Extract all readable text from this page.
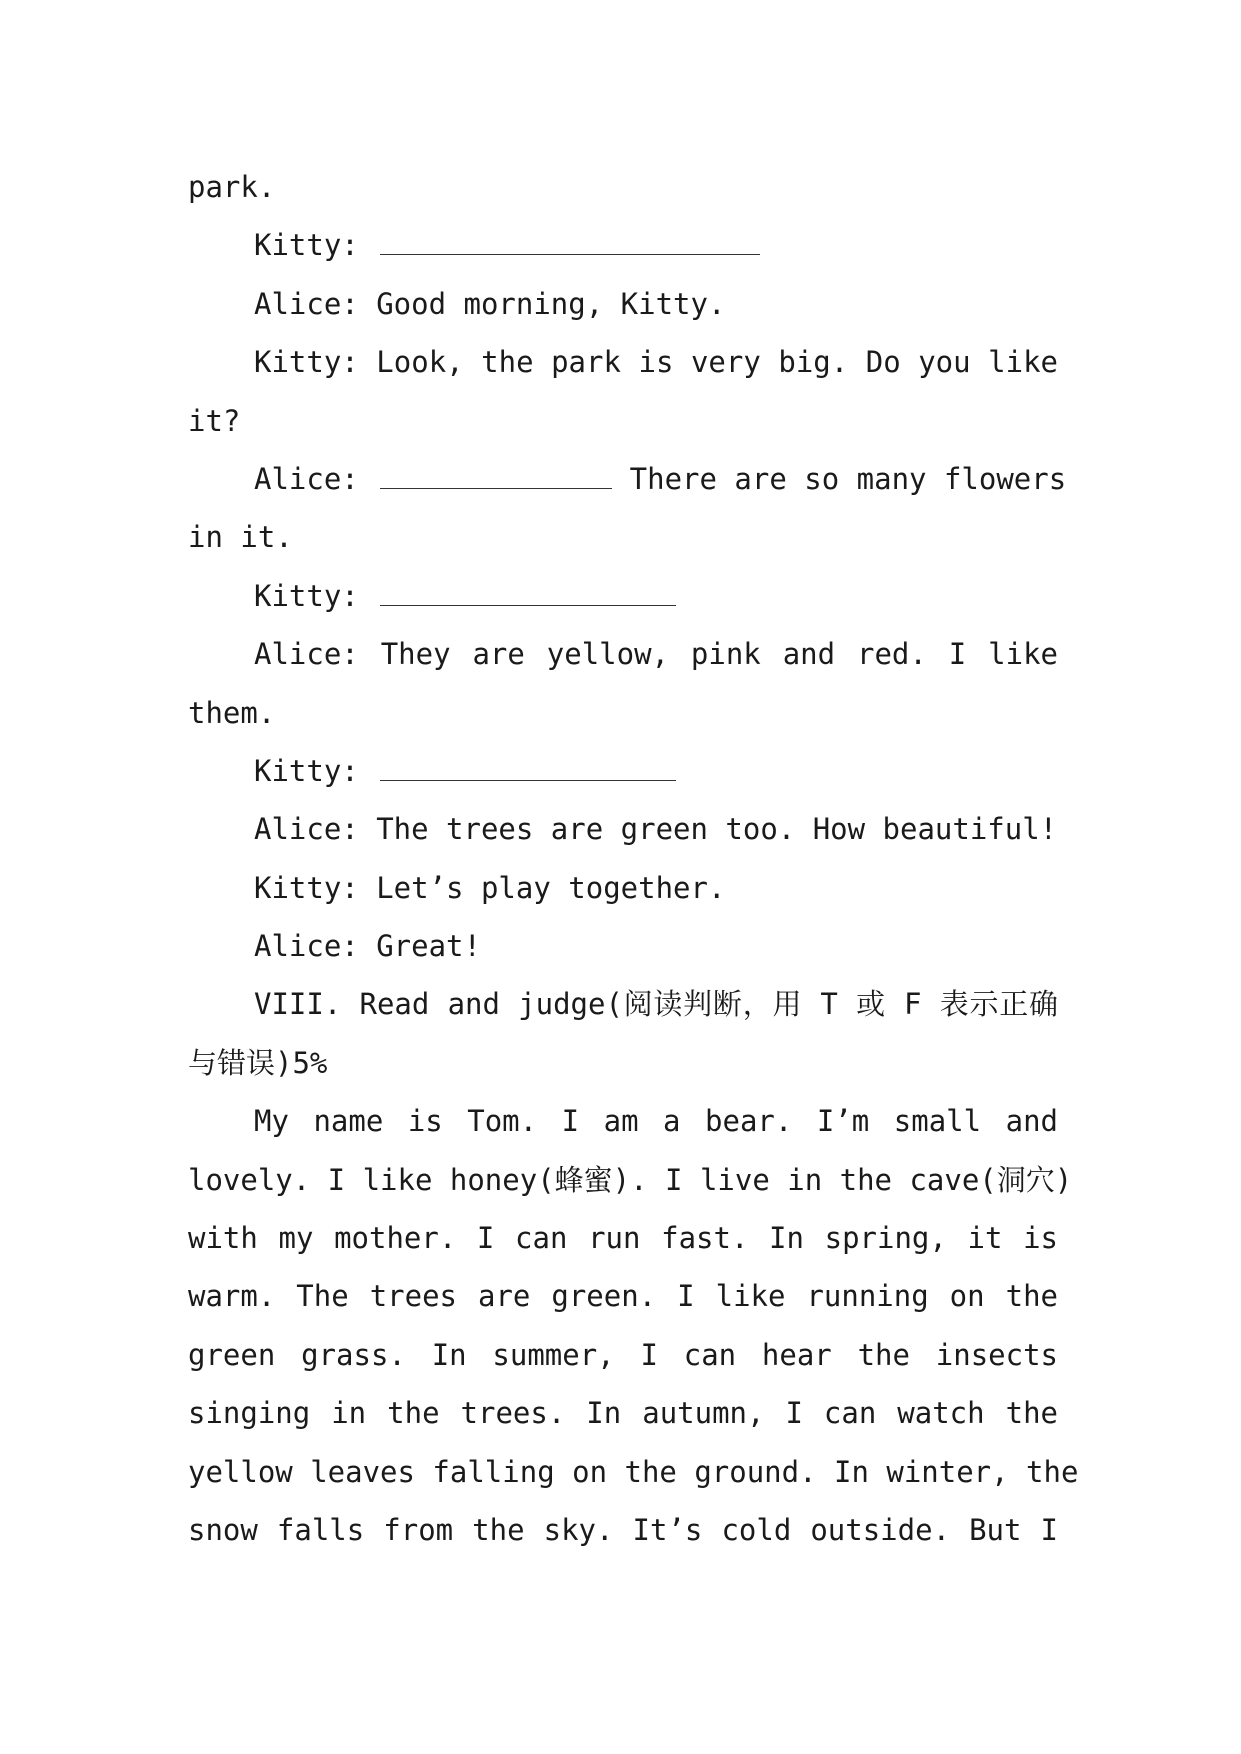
park.
Kitty:
Alice: Good morning, Kitty.
Kitty: Look, the park is very big. Do you like
it?
Alice:	There are so many flowers
in it.
Kitty:
Alice: They are yellow, pink and red. I like
them.
Kitty:
Alice: The trees are green too. How beautiful!
Kitty: Let’s play together.
Alice: Great!
VIII. Read and judge(阅读判断，用 T 或 F 表示正确
与错误)5%
My name is Tom. I am a bear. I’m small and
lovely. I like honey(蜂蜜). I live in the cave(洞穴)
with my mother. I can run fast. In spring, it is
warm. The trees are green. I like running on the
green grass. In summer, I can hear the insects
singing in the trees. In autumn, I can watch the
yellow leaves falling on the ground. In winter, the
snow falls from the sky. It’s cold outside. But I
